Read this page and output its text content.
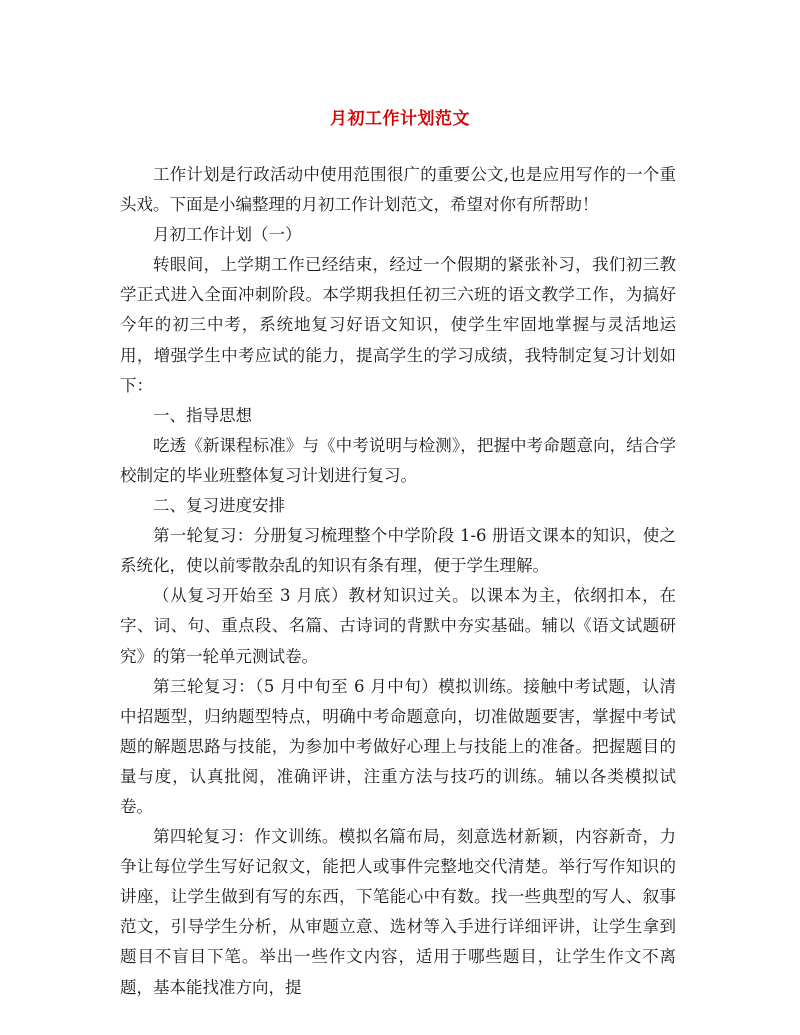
月初工作计划范文

工作计划是行政活动中使用范围很广的重要公文,也是应用写作的一个重头戏。下面是小编整理的月初工作计划范文，希望对你有所帮助！

月初工作计划（一）

转眼间，上学期工作已经结束，经过一个假期的紧张补习，我们初三教学正式进入全面冲刺阶段。本学期我担任初三六班的语文教学工作，为搞好今年的初三中考，系统地复习好语文知识，使学生牢固地掌握与灵活地运用，增强学生中考应试的能力，提高学生的学习成绩，我特制定复习计划如下：

一、指导思想

吃透《新课程标准》与《中考说明与检测》，把握中考命题意向，结合学校制定的毕业班整体复习计划进行复习。

二、复习进度安排

第一轮复习：分册复习梳理整个中学阶段 1-6 册语文课本的知识，使之系统化，使以前零散杂乱的知识有条有理，便于学生理解。

（从复习开始至 3 月底）教材知识过关。以课本为主，依纲扣本，在字、词、句、重点段、名篇、古诗词的背默中夯实基础。辅以《语文试题研究》的第一轮单元测试卷。

第三轮复习：（5 月中旬至 6 月中旬）模拟训练。接触中考试题，认清中招题型，归纳题型特点，明确中考命题意向，切准做题要害，掌握中考试题的解题思路与技能，为参加中考做好心理上与技能上的准备。把握题目的量与度，认真批阅，准确评讲，注重方法与技巧的训练。辅以各类模拟试卷。

第四轮复习：作文训练。模拟名篇布局，刻意选材新颖，内容新奇，力争让每位学生写好记叙文，能把人或事件完整地交代清楚。举行写作知识的讲座，让学生做到有写的东西，下笔能心中有数。找一些典型的写人、叙事范文，引导学生分析，从审题立意、选材等入手进行详细评讲，让学生拿到题目不盲目下笔。举出一些作文内容，适用于哪些题目，让学生作文不离题，基本能找准方向，提
